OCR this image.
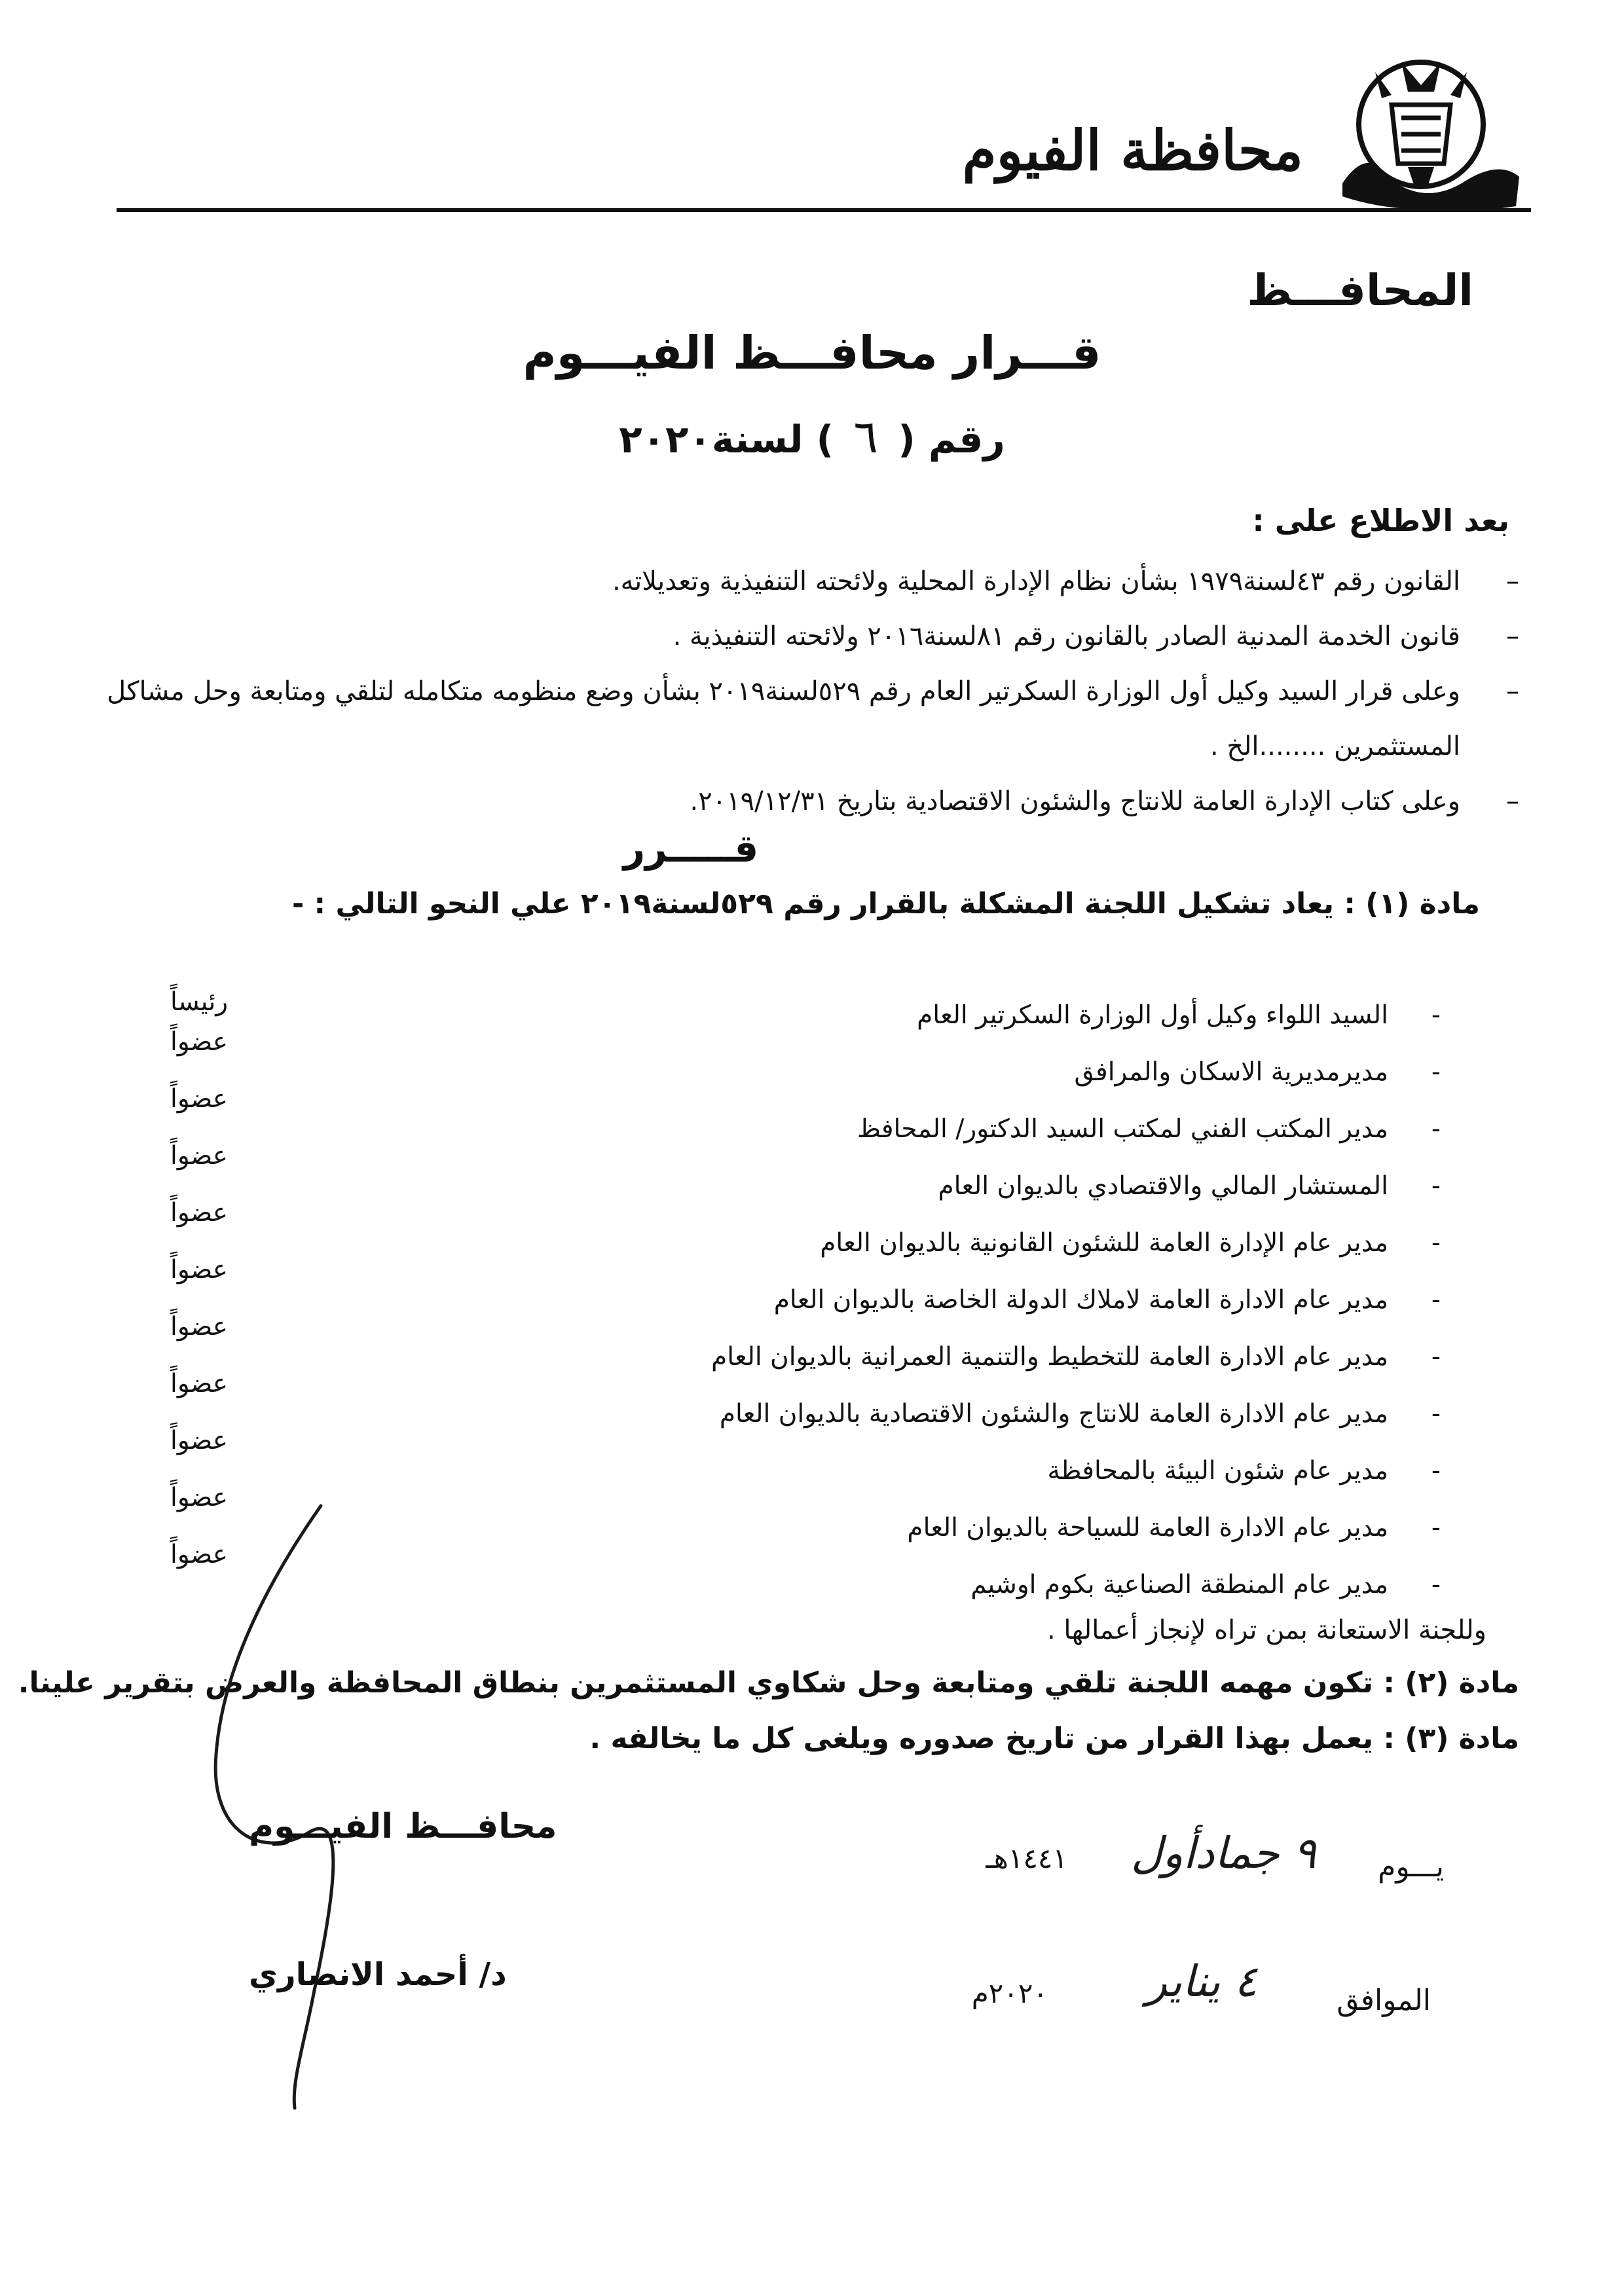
محافظة الفيوم
المحافـــظ
قـــرار محافـــظ الفيـــوم
رقم ( ٦ ) لسنة٢٠٢٠
بعد الاطلاع على :
– القانون رقم ٤٣لسنة١٩٧٩ بشأن نظام الإدارة المحلية ولائحته التنفيذية وتعديلاته.
– قانون الخدمة المدنية الصادر بالقانون رقم ٨١لسنة٢٠١٦ ولائحته التنفيذية .
– وعلى قرار السيد وكيل أول الوزارة السكرتير العام رقم ٥٢٩لسنة٢٠١٩ بشأن وضع منظومه متكامله لتلقي ومتابعة وحل مشاكل المستثمرين ........الخ .
– وعلى كتاب الإدارة العامة للانتاج والشئون الاقتصادية بتاريخ ٢٠١٩/١٢/٣١.
قـــــرر
مادة (١) : يعاد تشكيل اللجنة المشكلة بالقرار رقم ٥٢٩لسنة٢٠١٩ علي النحو التالي : -
-
السيد اللواء وكيل أول الوزارة السكرتير العام
رئيساً
-
مديرمديرية الاسكان والمرافق
عضواً
-
مدير المكتب الفني لمكتب السيد الدكتور/ المحافظ
عضواً
-
المستشار المالي والاقتصادي بالديوان العام
عضواً
-
مدير عام الإدارة العامة للشئون القانونية بالديوان العام
عضواً
-
مدير عام الادارة العامة لاملاك الدولة الخاصة بالديوان العام
عضواً
-
مدير عام الادارة العامة للتخطيط والتنمية العمرانية بالديوان العام
عضواً
-
مدير عام الادارة العامة للانتاج والشئون الاقتصادية بالديوان العام
عضواً
-
مدير عام شئون البيئة بالمحافظة
عضواً
-
مدير عام الادارة العامة للسياحة بالديوان العام
عضواً
-
مدير عام المنطقة الصناعية بكوم اوشيم
عضواً
وللجنة الاستعانة بمن تراه لإنجاز أعمالها .
مادة (٢) : تكون مهمه اللجنة تلقي ومتابعة وحل شكاوي المستثمرين بنطاق المحافظة والعرض بتقرير علينا.
مادة (٣) : يعمل بهذا القرار من تاريخ صدوره ويلغى كل ما يخالفه .
محافـــظ الفيـــوم
د/ أحمد الانصاري
يـــوم
٩ جمادأول
١٤٤١هـ
الموافق
٤ يناير
٢٠٢٠م
